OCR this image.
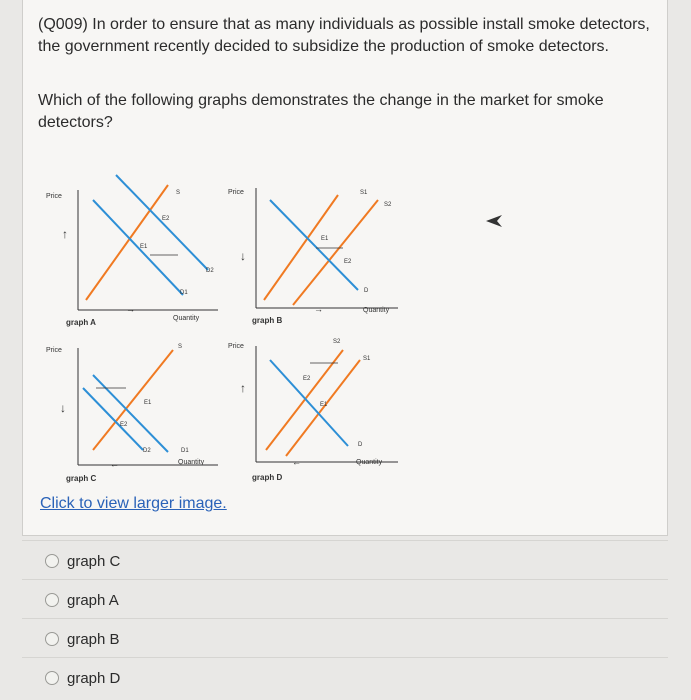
(Q009) In order to ensure that as many individuals as possible install smoke detectors, the government recently decided to subsidize the production of smoke detectors.
Which of the following graphs demonstrates the change in the market for smoke detectors?
Price
Quantity
S
E2
E1
D2
D1
graph A
↑
→
Price
Quantity
S1
S2
E1
E2
D
graph B
↓
→
Price
Quantity
S
E1
E2
D2	D1
graph C
↓
←
Price
Quantity
S2
S1
E2
E1
D
graph D
↑
←
Click to view larger image.
graph C
graph A
graph B
graph D
